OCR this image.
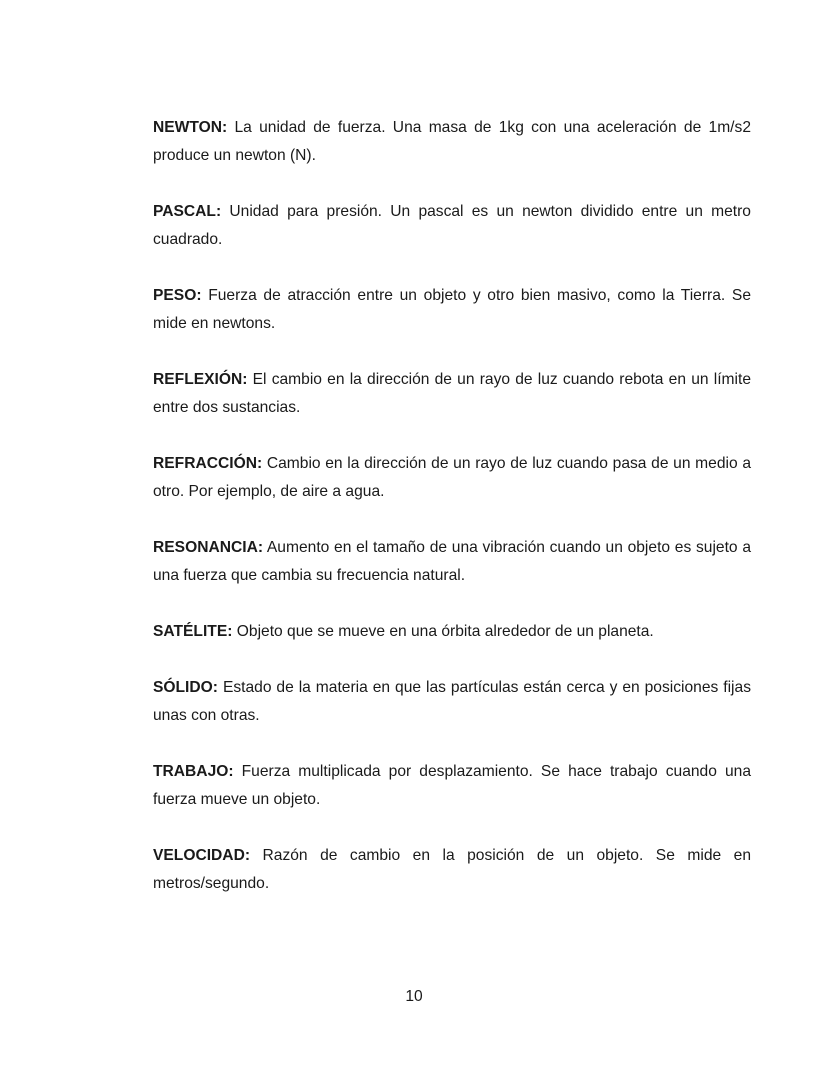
NEWTON: La unidad de fuerza. Una masa de 1kg con una aceleración de 1m/s2 produce un newton (N).

PASCAL: Unidad para presión. Un pascal es un newton dividido entre un metro cuadrado.

PESO: Fuerza de atracción entre un objeto y otro bien masivo, como la Tierra. Se mide en newtons.

REFLEXIÓN: El cambio en la dirección de un rayo de luz cuando rebota en un límite entre dos sustancias.

REFRACCIÓN: Cambio en la dirección de un rayo de luz cuando pasa de un medio a otro. Por ejemplo, de aire a agua.

RESONANCIA: Aumento en el tamaño de una vibración cuando un objeto es sujeto a una fuerza que cambia su frecuencia natural.

SATÉLITE: Objeto que se mueve en una órbita alrededor de un planeta.

SÓLIDO: Estado de la materia en que las partículas están cerca y en posiciones fijas unas con otras.

TRABAJO: Fuerza multiplicada por desplazamiento. Se hace trabajo cuando una fuerza mueve un objeto.

VELOCIDAD: Razón de cambio en la posición de un objeto. Se mide en metros/segundo.

10
